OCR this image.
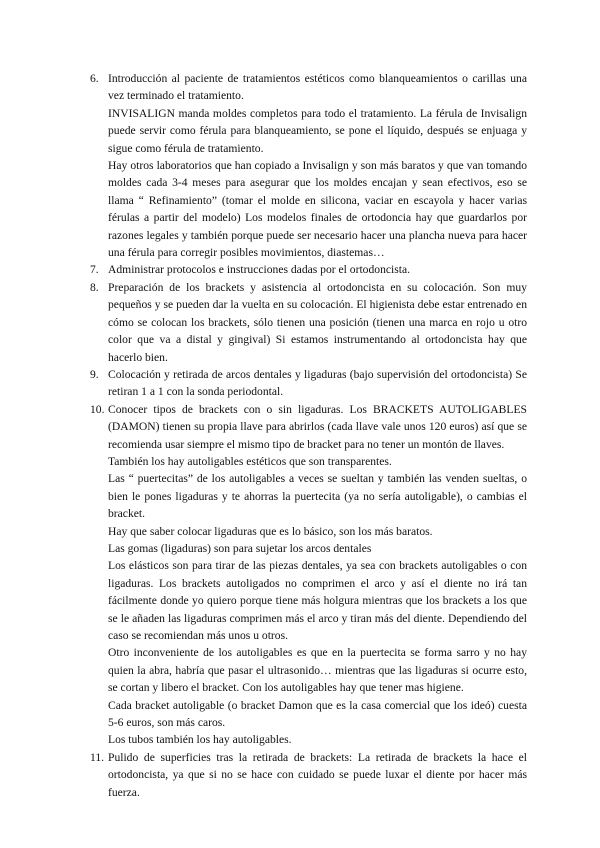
6. Introducción al paciente de tratamientos estéticos como blanqueamientos o carillas una vez terminado el tratamiento.

INVISALIGN manda moldes completos para todo el tratamiento. La férula de Invisalign puede servir como férula para blanqueamiento, se pone el líquido, después se enjuaga y sigue como férula de tratamiento.

Hay otros laboratorios que han copiado a Invisalign y son más baratos y que van tomando moldes cada 3-4 meses para asegurar que los moldes encajan y sean efectivos, eso se llama “ Refinamiento” (tomar el molde en silicona, vaciar en escayola y hacer varias férulas a partir del modelo) Los modelos finales de ortodoncia hay que guardarlos por razones legales y también porque puede ser necesario hacer una plancha nueva para hacer una férula para corregir posibles movimientos, diastemas…

7. Administrar protocolos e instrucciones dadas por el ortodoncista.

8. Preparación de los brackets y asistencia al ortodoncista en su colocación. Son muy pequeños y se pueden dar la vuelta en su colocación. El higienista debe estar entrenado en cómo se colocan los brackets, sólo tienen una posición (tienen una marca en rojo u otro color que va a distal y gingival) Si estamos instrumentando al ortodoncista hay que hacerlo bien.

9. Colocación y retirada de arcos dentales y ligaduras (bajo supervisión del ortodoncista) Se retiran 1 a 1 con la sonda periodontal.

10. Conocer tipos de brackets con o sin ligaduras. Los BRACKETS AUTOLIGABLES (DAMON) tienen su propia llave para abrirlos (cada llave vale unos 120 euros) así que se recomienda usar siempre el mismo tipo de bracket para no tener un montón de llaves.

También los hay autoligables estéticos que son transparentes.

Las “ puertecitas” de los autoligables a veces se sueltan y también las venden sueltas, o bien le pones ligaduras y te ahorras la puertecita (ya no sería autoligable), o cambias el bracket.

Hay que saber colocar ligaduras que es lo básico, son los más baratos.

Las gomas (ligaduras) son para sujetar los arcos dentales

Los elásticos son para tirar de las piezas dentales, ya sea con brackets autoligables o con ligaduras. Los brackets autoligados no comprimen el arco y así el diente no irá tan fácilmente donde yo quiero porque tiene más holgura mientras que los brackets a los que se le añaden las ligaduras comprimen más el arco y tiran más del diente. Dependiendo del caso se recomiendan más unos u otros.

Otro inconveniente de los autoligables es que en la puertecita se forma sarro y no hay quien la abra, habría que pasar el ultrasonido… mientras que las ligaduras si ocurre esto, se cortan y libero el bracket. Con los autoligables hay que tener mas higiene.

Cada bracket autoligable (o bracket Damon que es la casa comercial que los ideó) cuesta 5-6 euros, son más caros.

Los tubos también los hay autoligables.

11. Pulido de superficies tras la retirada de brackets: La retirada de brackets la hace el ortodoncista, ya que si no se hace con cuidado se puede luxar el diente por hacer más fuerza.
